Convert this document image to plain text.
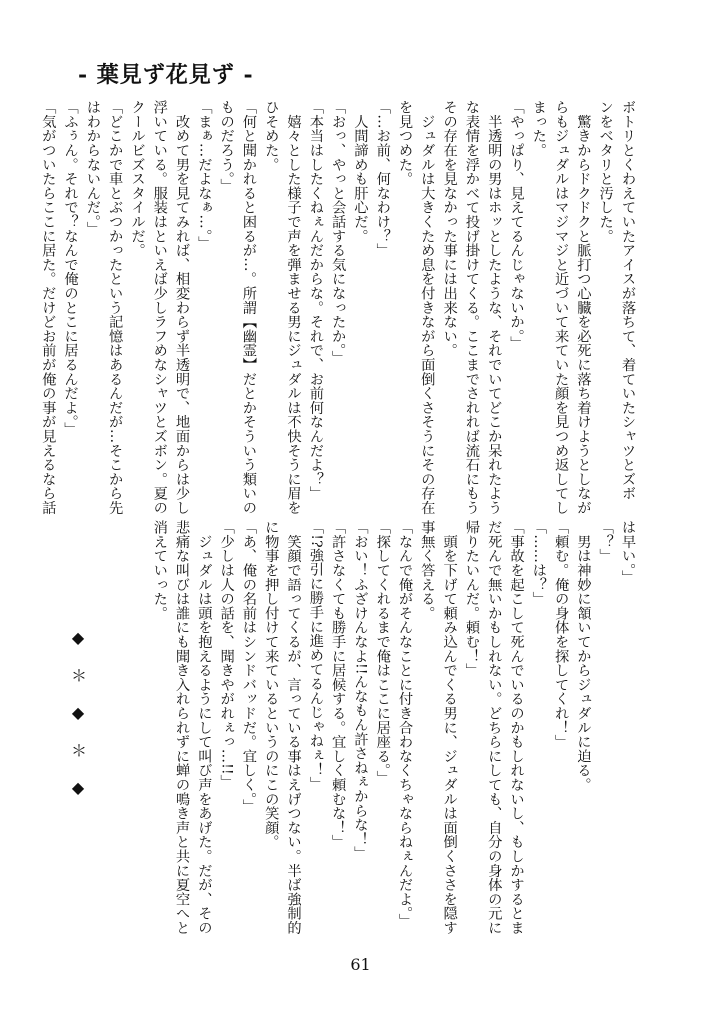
- 葉見ず花見ず -
ボトリとくわえていたアイスが落ちて、着ていたシャツとズボ
ンをベタリと汚した。
　驚きからドクドクと脈打つ心臓を必死に落ち着けようとしなが
らもジュダルはマジマジと近づいて来ていた顔を見つめ返してし
まった。
「やっぱり、見えてるんじゃないか。」
　半透明の男はホッとしたような、それでいてどこか呆れたよう
な表情を浮かべて投げ掛けてくる。ここまでされれば流石にもう
その存在を見なかった事には出来ない。
　ジュダルは大きくため息を付きながら面倒くさそうにその存在
を見つめた。
「…お前、何なわけ？」
　人間諦めも肝心だ。
「おっ、やっと会話する気になったか。」
「本当はしたくねぇんだからな。それで、お前何なんだよ？」
　嬉々とした様子で声を弾ませる男にジュダルは不快そうに眉を
ひそめた。
「何と聞かれると困るが…。所謂【幽霊】だとかそういう類いの
ものだろう。」
「まぁ…だよなぁ…。」
　改めて男を見てみれば、相変わらず半透明で、地面からは少し
浮いている。服装はといえば少しラフめなシャツとズボン。夏の
クールビズスタイルだ。
「どこかで車とぶつかったという記憶はあるんだが…そこから先
はわからないんだ。」
「ふぅん。それで？なんで俺のとこに居るんだよ。」
「気がついたらここに居た。だけどお前が俺の事が見えるなら話
は早い。」
「？」
　男は神妙に頷いてからジュダルに迫る。
「頼む。俺の身体を探してくれ！」
「……は？」
「事故を起こして死んでいるのかもしれないし、もしかするとま
だ死んで無いかもしれない。どちらにしても、自分の身体の元に
帰りたいんだ。頼む！」
　頭を下げて頼み込んでくる男に、ジュダルは面倒くささを隠す
事無く答える。
「なんで俺がそんなことに付き合わなくちゃならねぇんだよ。」
「探してくれるまで俺はここに居座る。」
「おい！ふざけんなよ!!んなもん許さねぇからな！」
「許さなくても勝手に居候する。宜しく頼むな！」
「!?強引に勝手に進めてるんじゃねぇ！」
　笑顔で語ってくるが、言っている事はえげつない。半ば強制的
に物事を押し付けて来ているというのにこの笑顔。
「あ、俺の名前はシンドバッドだ。宜しく。」
「少しは人の話を、聞きやがれぇっ…!!」
　ジュダルは頭を抱えるようにして叫び声をあげた。だが、その
悲痛な叫びは誰にも聞き入れられずに蝉の鳴き声と共に夏空へと
消えていった。
◆＊◆＊◆
61
